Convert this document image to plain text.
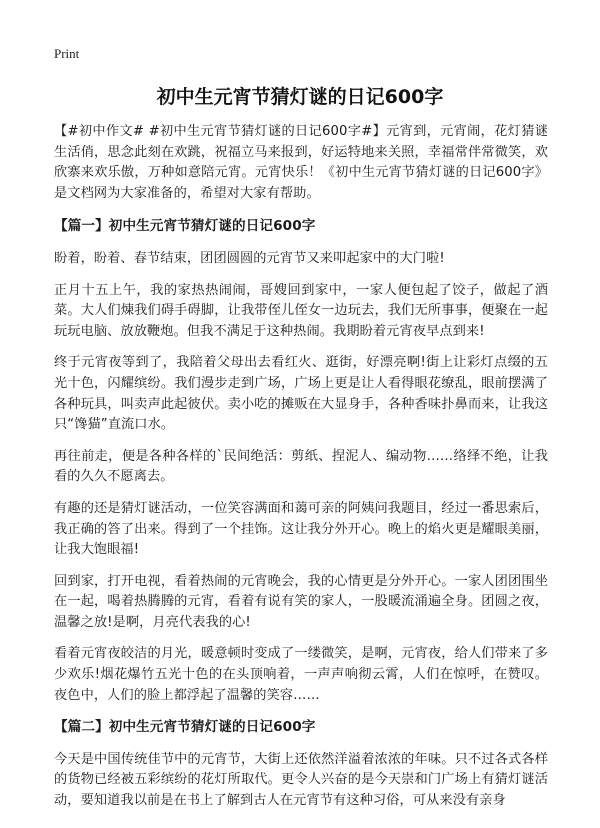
Print
初中生元宵节猜灯谜的日记600字

【#初中作文# #初中生元宵节猜灯谜的日记600字#】元宵到，元宵闹，花灯猜谜生活俏，思念此刻在欢跳，祝福立马来报到，好运特地来关照，幸福常伴常微笑，欢欣寨来欢乐傲，万种如意陪元宵。元宵快乐！《初中生元宵节猜灯谜的日记600字》是文档网为大家准备的，希望对大家有帮助。

【篇一】初中生元宵节猜灯谜的日记600字

盼着，盼着、春节结束，团团圆圆的元宵节又来叩起家中的大门啦!

正月十五上午，我的家热热闹闹，哥嫂回到家中，一家人便包起了饺子，做起了酒菜。大人们煉我们碍手碍脚，让我带侄儿侄女一边玩去，我们无所事事，便聚在一起玩玩电脑、放放鞭炮。但我不满足于这种热闹。我期盼着元宵夜早点到来!

终于元宵夜等到了，我陪着父母出去看红火、逛街，好漂亮啊!街上让彩灯点缀的五光十色，闪耀缤纷。我们漫步走到广场，广场上更是让人看得眼花缭乱，眼前摆满了各种玩具，叫卖声此起彼伏。卖小吃的摊贩在大显身手，各种香味扑鼻而来，让我这只“馋猫”直流口水。

再往前走，便是各种各样的`民间绝活：剪纸、捏泥人、编动物……络绎不绝，让我看的久久不愿离去。

有趣的还是猜灯谜活动，一位笑容满面和蔼可亲的阿姨问我题目，经过一番思索后，我正确的答了出来。得到了一个挂饰。这让我分外开心。晚上的焰火更是耀眼美丽，让我大饱眼福!

回到家，打开电视，看着热闹的元宵晚会，我的心情更是分外开心。一家人团团围坐在一起，喝着热腾腾的元宵，看着有说有笑的家人，一股暖流涌遍全身。团圆之夜，温馨之放!是啊，月亮代表我的心!

看着元宵夜皎洁的月光，暖意顿时变成了一缕微笑，是啊，元宵夜，给人们带来了多少欢乐!烟花爆竹五光十色的在头顶响着，一声声响彻云霄，人们在惊呼，在赞叹。夜色中，人们的脸上都浮起了温馨的笑容……

【篇二】初中生元宵节猜灯谜的日记600字

今天是中国传统佳节中的元宵节，大街上还依然洋溢着浓浓的年味。只不过各式各样的货物已经被五彩缤纷的花灯所取代。更令人兴奋的是今天崇和门广场上有猜灯谜活动，要知道我以前是在书上了解到古人在元宵节有这种习俗，可从来没有亲身
